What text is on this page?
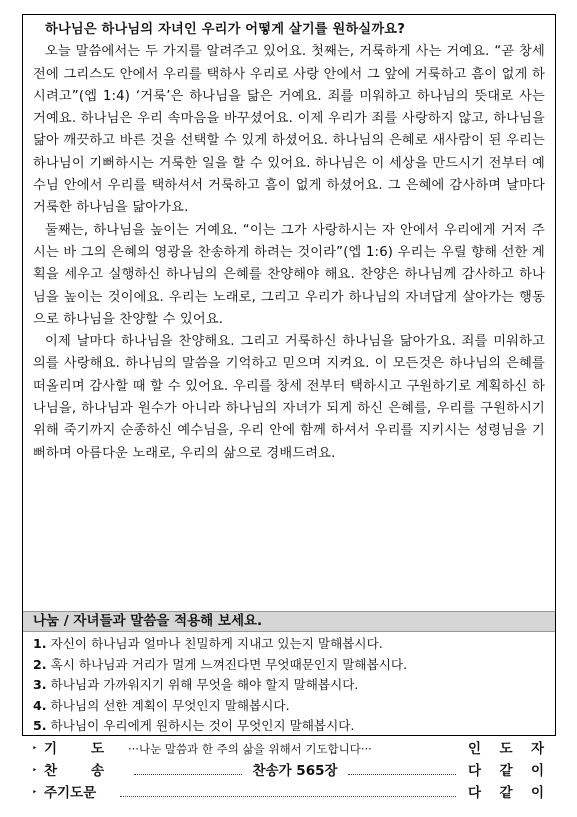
하나님은 하나님의 자녀인 우리가 어떻게 살기를 원하실까요?

오늘 말씀에서는 두 가지를 알려주고 있어요. 첫째는, 거룩하게 사는 거예요. “곧 창세 전에 그리스도 안에서 우리를 택하사 우리로 사랑 안에서 그 앞에 거룩하고 흠이 없게 하시려고”(엡 1:4) ‘거룩’은 하나님을 닮은 거예요. 죄를 미워하고 하나님의 뜻대로 사는 거예요. 하나님은 우리 속마음을 바꾸셨어요. 이제 우리가 죄를 사랑하지 않고, 하나님을 닮아 깨끗하고 바른 것을 선택할 수 있게 하셨어요. 하나님의 은혜로 새사람이 된 우리는 하나님이 기뻐하시는 거룩한 일을 할 수 있어요. 하나님은 이 세상을 만드시기 전부터 예수님 안에서 우리를 택하셔서 거룩하고 흠이 없게 하셨어요. 그 은혜에 감사하며 날마다 거룩한 하나님을 닮아가요.

둘째는, 하나님을 높이는 거예요. “이는 그가 사랑하시는 자 안에서 우리에게 거저 주시는 바 그의 은혜의 영광을 찬송하게 하려는 것이라”(엡 1:6) 우리는 우릴 향해 선한 계획을 세우고 실행하신 하나님의 은혜를 찬양해야 해요. 찬양은 하나님께 감사하고 하나님을 높이는 것이에요. 우리는 노래로, 그리고 우리가 하나님의 자녀답게 살아가는 행동으로 하나님을 찬양할 수 있어요.

이제 날마다 하나님을 찬양해요. 그리고 거룩하신 하나님을 닮아가요. 죄를 미워하고 의를 사랑해요. 하나님의 말씀을 기억하고 믿으며 지켜요. 이 모든것은 하나님의 은혜를 떠올리며 감사할 때 할 수 있어요. 우리를 창세 전부터 택하시고 구원하기로 계획하신 하나님을, 하나님과 원수가 아니라 하나님의 자녀가 되게 하신 은혜를, 우리를 구원하시기 위해 죽기까지 순종하신 예수님을, 우리 안에 함께 하셔서 우리를 지키시는 성령님을 기뻐하며 아름다운 노래로, 우리의 삶으로 경배드려요.

나눔 / 자녀들과 말씀을 적용해 보세요.
1. 자신이 하나님과 얼마나 친밀하게 지내고 있는지 말해봅시다.
2. 혹시 하나님과 거리가 멀게 느껴진다면 무엇때문인지 말해봅시다.
3. 하나님과 가까워지기 위해 무엇을 해야 할지 말해봅시다.
4. 하나님의 선한 계획이 무엇인지 말해봅시다.
5. 하나님이 우리에게 원하시는 것이 무엇인지 말해봅시다.
‣ 기	도 ···나눈 말씀과 한 주의 삶을 위해서 기도합니다···	인 도 자
‣ 찬	송	찬송가 565장	다 같 이
‣ 주기도문	다 같 이
